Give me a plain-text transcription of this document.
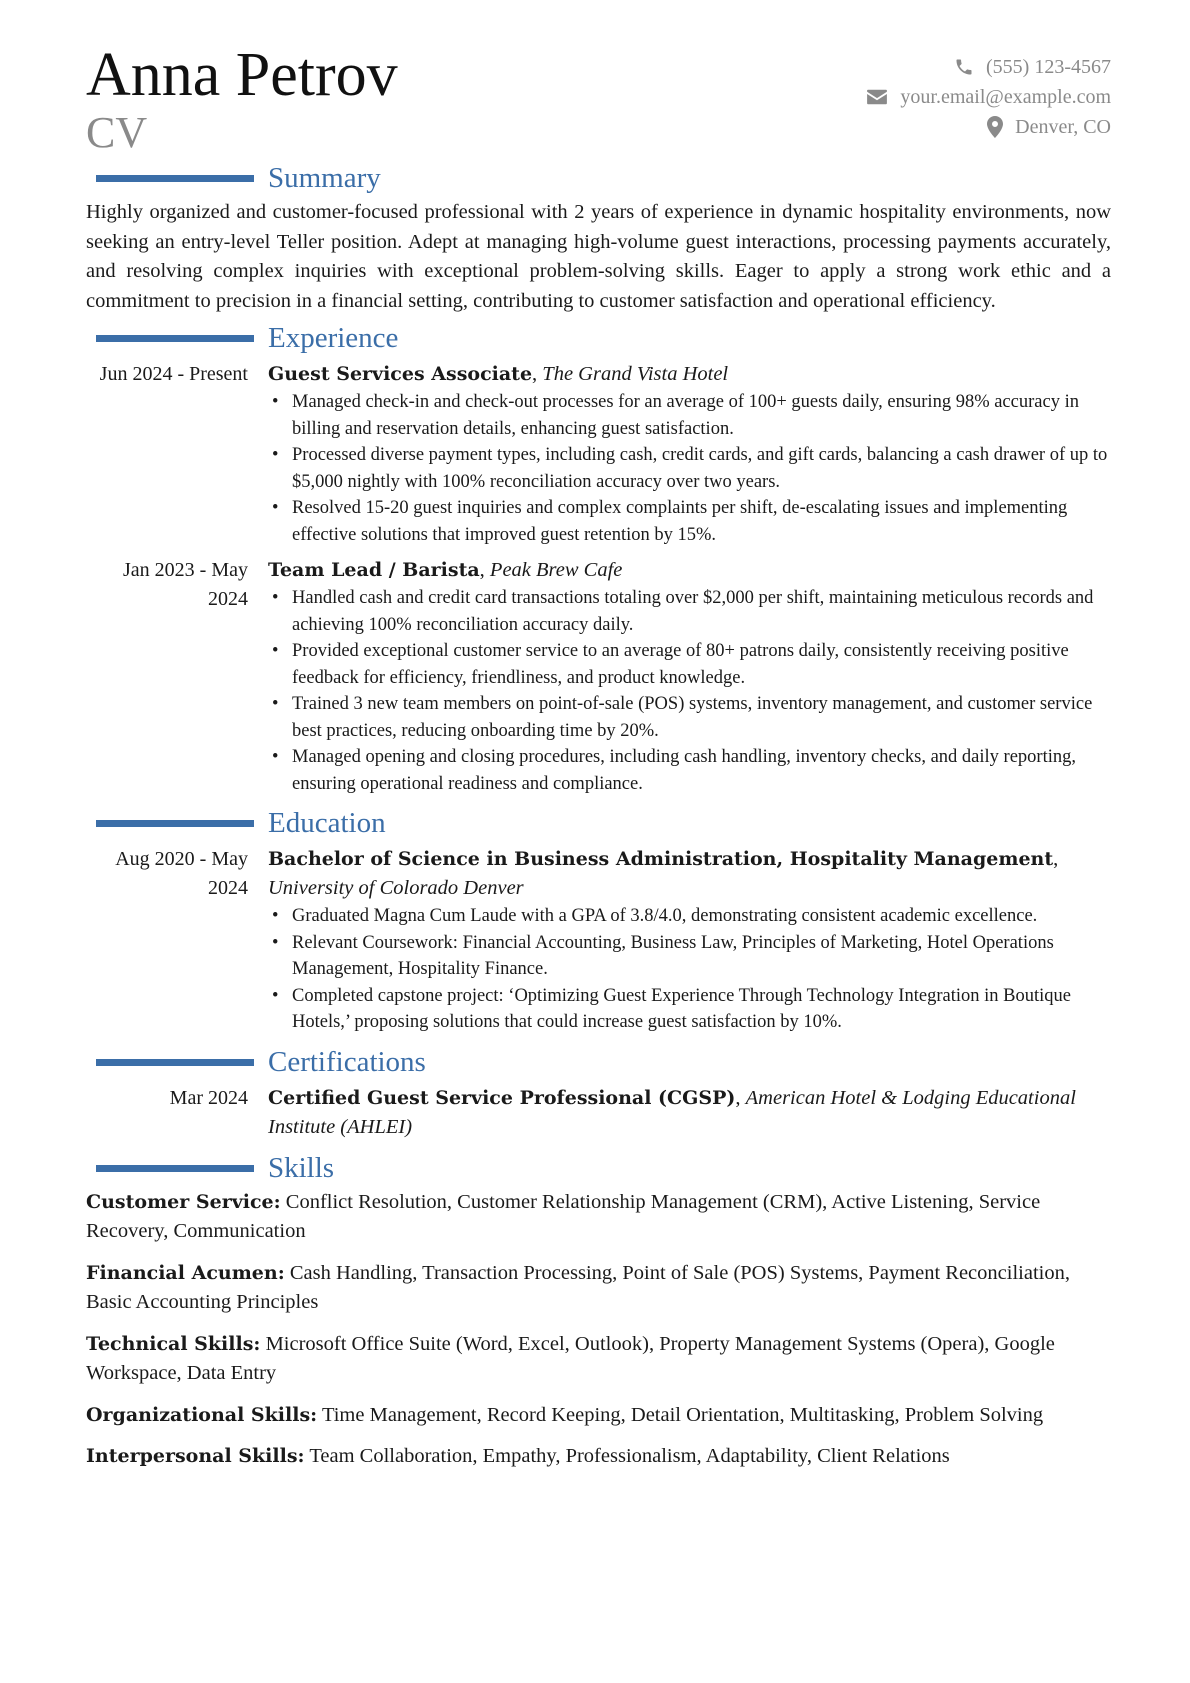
Anna Petrov
CV
(555) 123-4567
your.email@example.com
Denver, CO
Summary

Highly organized and customer-focused professional with 2 years of experience in dynamic hospitality environments, now seeking an entry-level Teller position. Adept at managing high-volume guest interactions, processing payments accurately, and resolving complex inquiries with exceptional problem-solving skills. Eager to apply a strong work ethic and a commitment to precision in a financial setting, contributing to customer satisfaction and operational efficiency.

Experience
Jun 2024 - Present	Guest Services Associate, The Grand Vista Hotel
• Managed check-in and check-out processes for an average of 100+ guests daily, ensuring 98% accuracy in billing and reservation details, enhancing guest satisfaction.
• Processed diverse payment types, including cash, credit cards, and gift cards, balancing a cash drawer of up to $5,000 nightly with 100% reconciliation accuracy over two years.
• Resolved 15-20 guest inquiries and complex complaints per shift, de-escalating issues and implementing effective solutions that improved guest retention by 15%.
Jan 2023 - May 2024
Team Lead / Barista, Peak Brew Cafe
• Handled cash and credit card transactions totaling over $2,000 per shift, maintaining meticulous records and achieving 100% reconciliation accuracy daily.
• Provided exceptional customer service to an average of 80+ patrons daily, consistently receiving positive feedback for efficiency, friendliness, and product knowledge.
• Trained 3 new team members on point-of-sale (POS) systems, inventory management, and customer service best practices, reducing onboarding time by 20%.
• Managed opening and closing procedures, including cash handling, inventory checks, and daily reporting, ensuring operational readiness and compliance.
Education
Aug 2020 - May 2024
Bachelor of Science in Business Administration, Hospitality Management, University of Colorado Denver
• Graduated Magna Cum Laude with a GPA of 3.8/4.0, demonstrating consistent academic excellence.
• Relevant Coursework: Financial Accounting, Business Law, Principles of Marketing, Hotel Operations Management, Hospitality Finance.
• Completed capstone project: ‘Optimizing Guest Experience Through Technology Integration in Boutique Hotels,’ proposing solutions that could increase guest satisfaction by 10%.
Certifications
Mar 2024	Certified Guest Service Professional (CGSP), American Hotel & Lodging Educational Institute (AHLEI)
Skills

Customer Service: Conflict Resolution, Customer Relationship Management (CRM), Active Listening, Service Recovery, Communication

Financial Acumen: Cash Handling, Transaction Processing, Point of Sale (POS) Systems, Payment Reconciliation, Basic Accounting Principles

Technical Skills: Microsoft Office Suite (Word, Excel, Outlook), Property Management Systems (Opera), Google Workspace, Data Entry

Organizational Skills: Time Management, Record Keeping, Detail Orientation, Multitasking, Problem Solving

Interpersonal Skills: Team Collaboration, Empathy, Professionalism, Adaptability, Client Relations
